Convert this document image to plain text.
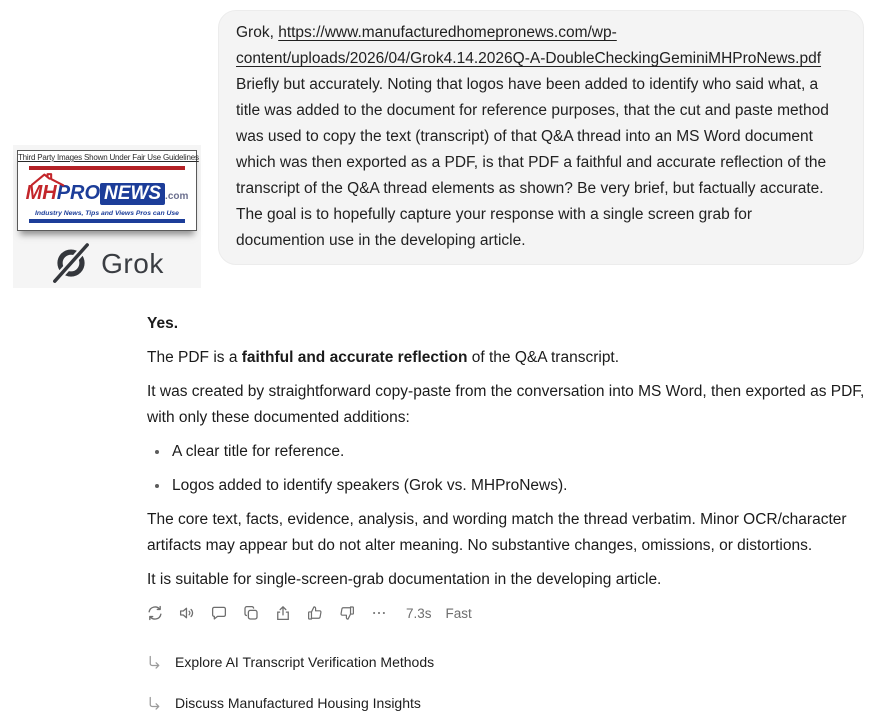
Grok, https://www.manufacturedhomepronews.com/wp-content/uploads/2026/04/Grok4.14.2026Q-A-DoubleCheckingGeminiMHProNews.pdf Briefly but accurately. Noting that logos have been added to identify who said what, a title was added to the document for reference purposes, that the cut and paste method was used to copy the text (transcript) of that Q&A thread into an MS Word document which was then exported as a PDF, is that PDF a faithful and accurate reflection of the transcript of the Q&A thread elements as shown? Be very brief, but factually accurate. The goal is to hopefully capture your response with a single screen grab for documention use in the developing article.
Third Party Images Shown Under Fair Use Guidelines
MHPRO NEWS .com
Industry News, Tips and Views Pros can Use
Grok

Yes.

The PDF is a faithful and accurate reflection of the Q&A transcript.

It was created by straightforward copy-paste from the conversation into MS Word, then exported as PDF, with only these documented additions:

A clear title for reference.
Logos added to identify speakers (Grok vs. MHProNews).

The core text, facts, evidence, analysis, and wording match the thread verbatim. Minor OCR/character artifacts may appear but do not alter meaning. No substantive changes, omissions, or distortions.

It is suitable for single-screen-grab documentation in the developing article.

7.3s Fast
Explore AI Transcript Verification Methods
Discuss Manufactured Housing Insights
